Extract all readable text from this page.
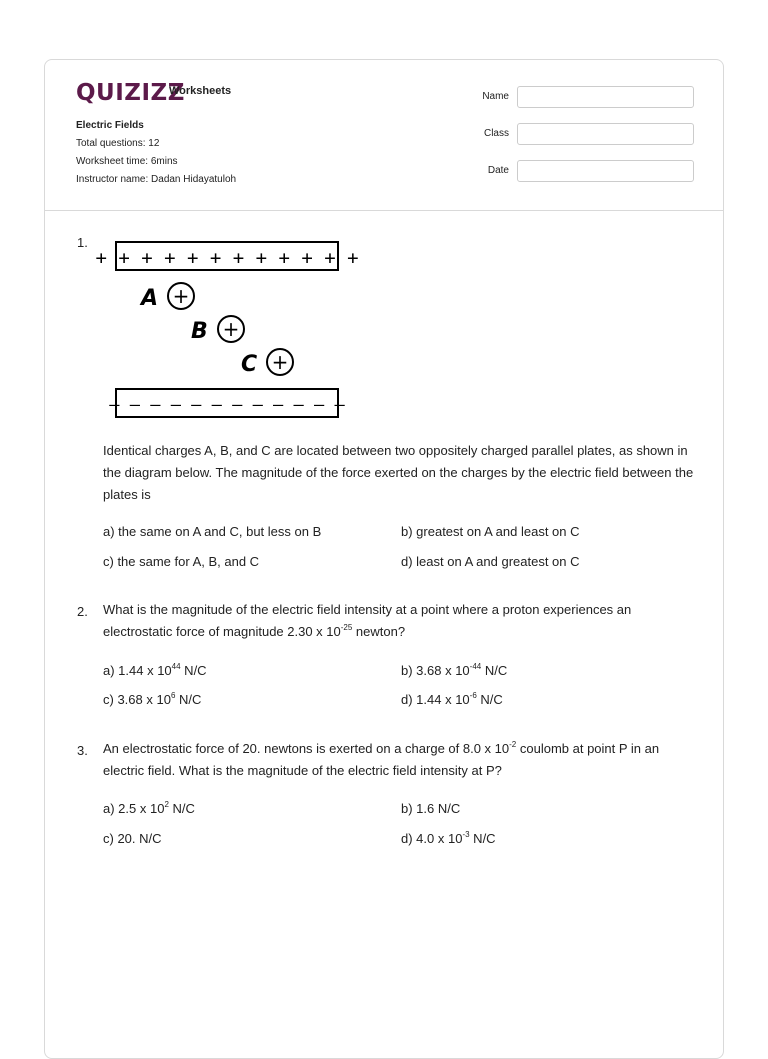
QUIZIZZ
Worksheets
Electric Fields
Total questions: 12
Worksheet time: 6mins
Instructor name: Dadan Hidayatuloh
Name
Class
Date
1.
+ + + + + + + + + + + +
A +
B +
C +
– – – – – – – – – – – –
Identical charges A, B, and C are located between two oppositely charged parallel plates, as shown in the diagram below. The magnitude of the force exerted on the charges by the electric field between the plates is
a) the same on A and C, but less on B	b) greatest on A and least on C
c) the same for A, B, and C	d) least on A and greatest on C
2. What is the magnitude of the electric field intensity at a point where a proton experiences an electrostatic force of magnitude 2.30 x $10^{-25}$ newton?
a) 1.44 x $10^{44}$ N/C	b) 3.68 x $10^{-44}$ N/C
c) 3.68 x $10^6$ N/C	d) 1.44 x $10^{-6}$ N/C
3. An electrostatic force of 20. newtons is exerted on a charge of 8.0 x $10^{-2}$ coulomb at point P in an electric field. What is the magnitude of the electric field intensity at P?
a) 2.5 x $10^2$ N/C	b) 1.6 N/C
c) 20. N/C	d) 4.0 x $10^{-3}$ N/C
